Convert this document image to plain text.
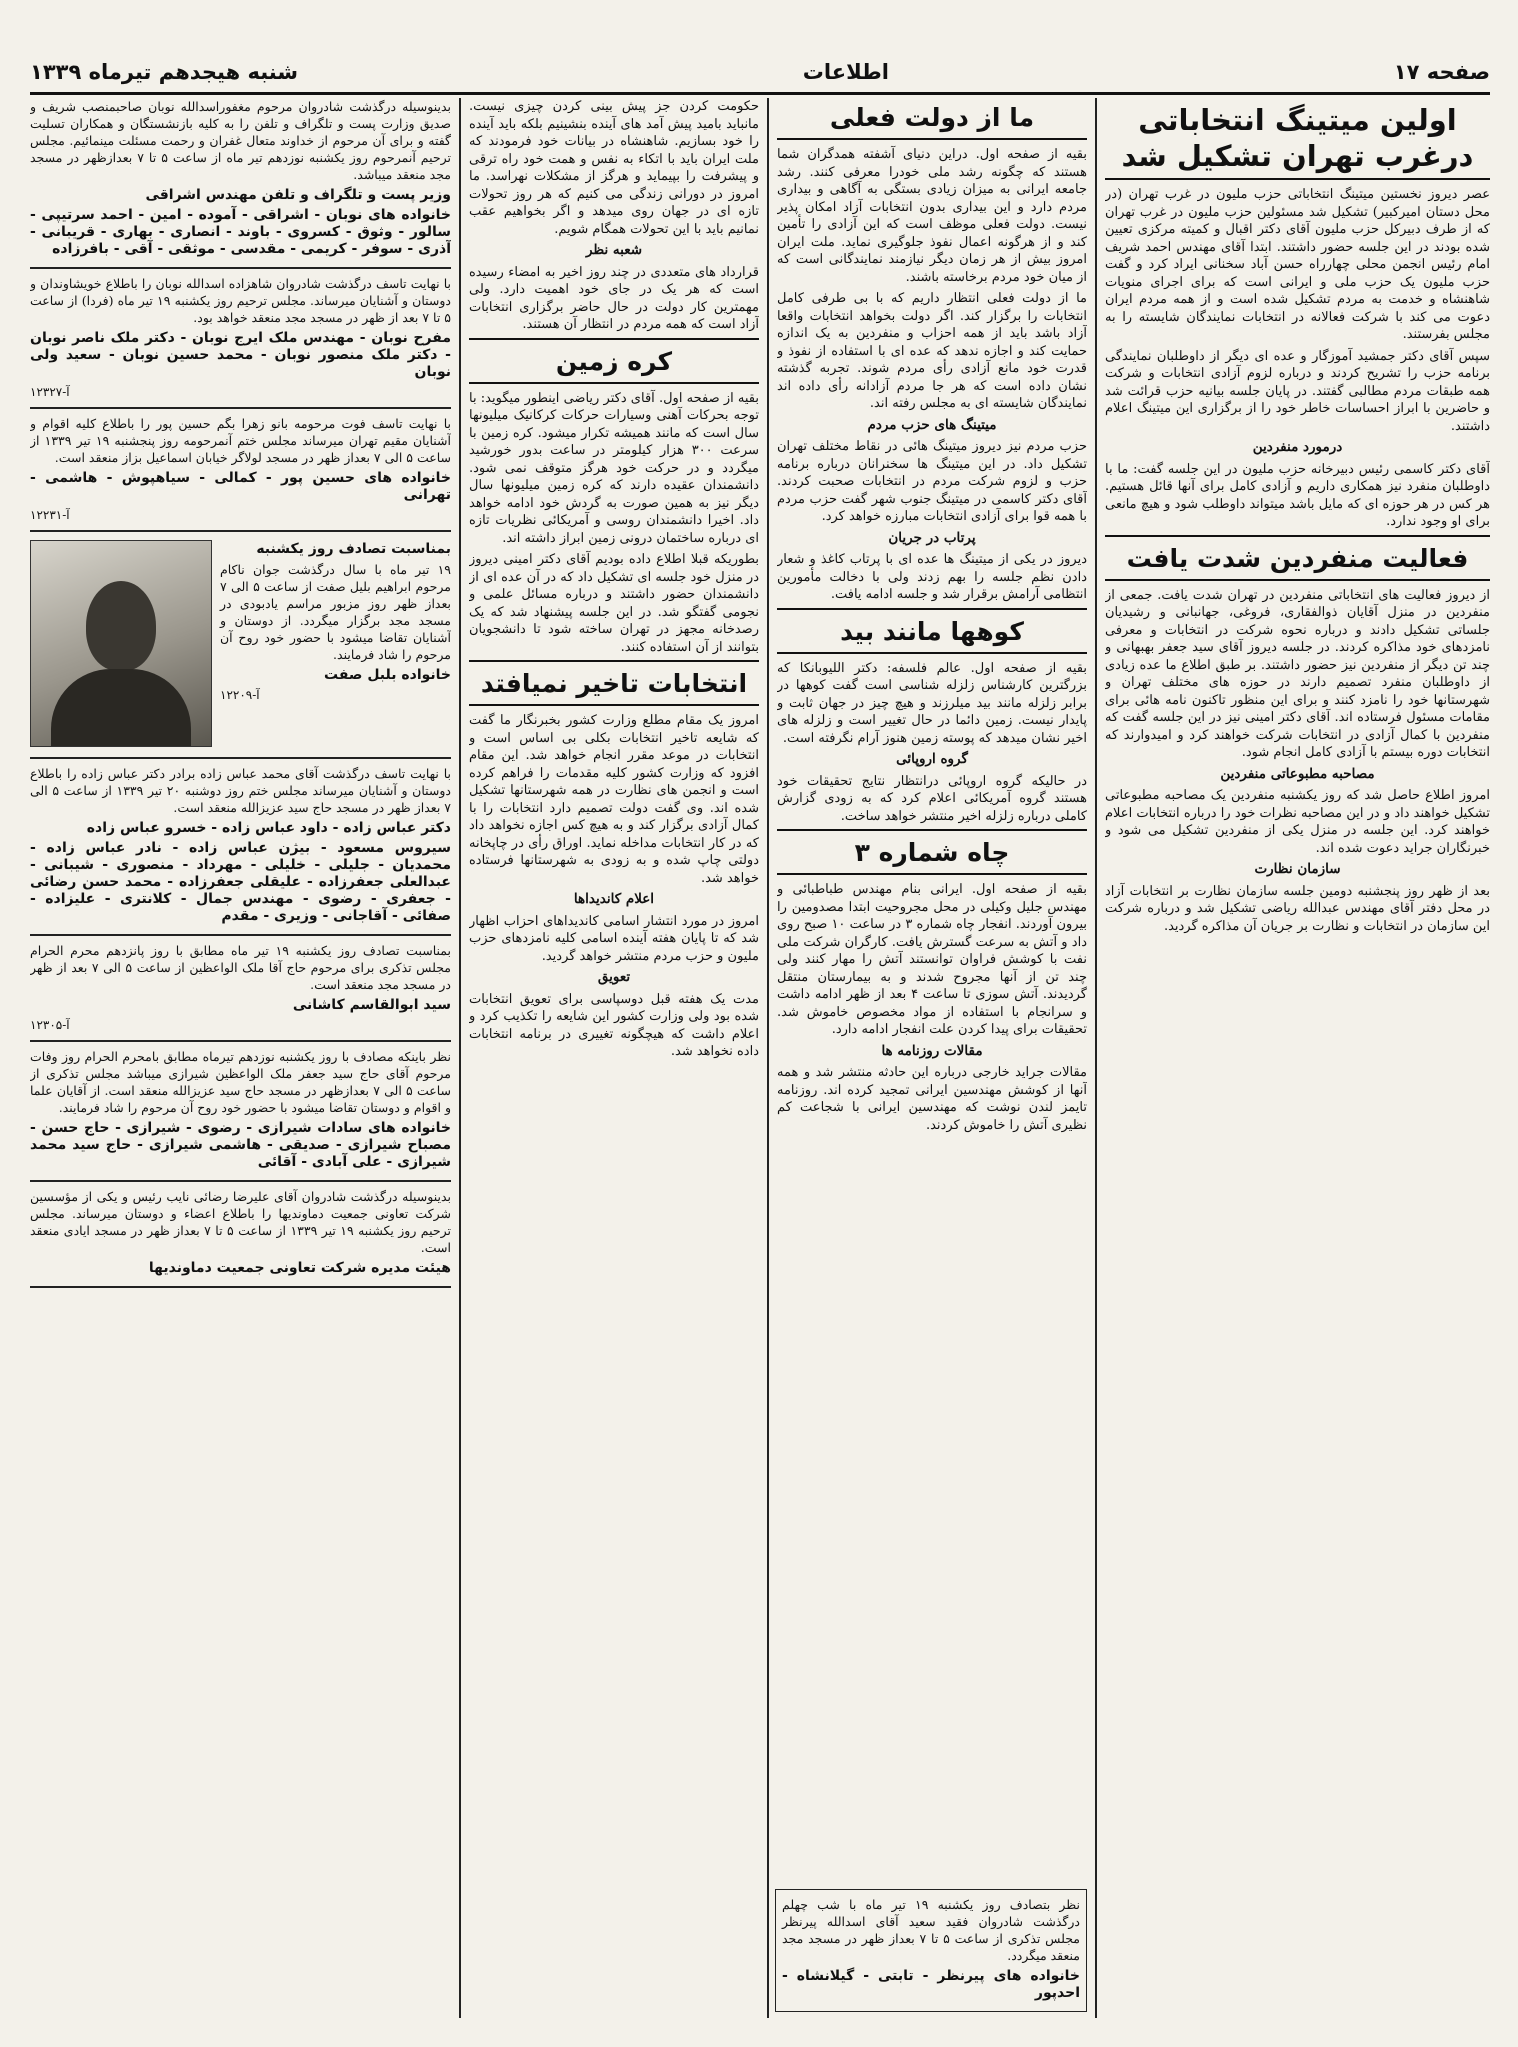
صفحه ۱۷
اطلاعات
شنبه هیجدهم تیرماه ۱۳۳۹
اولین میتینگ انتخاباتی درغرب تهران تشکیل شد

عصر دیروز نخستین میتینگ انتخاباتی حزب ملیون در غرب تهران (در محل دستان امیرکبیر) تشکیل شد مسئولین حزب ملیون در غرب تهران که از طرف دبیرکل حزب ملیون آقای دکتر اقبال و کمیته مرکزی تعیین شده بودند در این جلسه حضور داشتند. ابتدا آقای مهندس احمد شریف امام رئیس انجمن محلی چهارراه حسن آباد سخنانی ایراد کرد و گفت حزب ملیون یک حزب ملی و ایرانی است که برای اجرای منویات شاهنشاه و خدمت به مردم تشکیل شده است و از همه مردم ایران دعوت می کند با شرکت فعالانه در انتخابات نمایندگان شایسته را به مجلس بفرستند.

سپس آقای دکتر جمشید آموزگار و عده ای دیگر از داوطلبان نمایندگی برنامه حزب را تشریح کردند و درباره لزوم آزادی انتخابات و شرکت همه طبقات مردم مطالبی گفتند. در پایان جلسه بیانیه حزب قرائت شد و حاضرین با ابراز احساسات خاطر خود را از برگزاری این میتینگ اعلام داشتند.

درمورد منفردین

آقای دکتر کاسمی رئیس دبیرخانه حزب ملیون در این جلسه گفت: ما با داوطلبان منفرد نیز همکاری داریم و آزادی کامل برای آنها قائل هستیم. هر کس در هر حوزه ای که مایل باشد میتواند داوطلب شود و هیچ مانعی برای او وجود ندارد.

فعالیت منفردین شدت یافت

از دیروز فعالیت های انتخاباتی منفردین در تهران شدت یافت. جمعی از منفردین در منزل آقایان ذوالفقاری، فروغی، جهانبانی و رشیدیان جلساتی تشکیل دادند و درباره نحوه شرکت در انتخابات و معرفی نامزدهای خود مذاکره کردند. در جلسه دیروز آقای سید جعفر بهبهانی و چند تن دیگر از منفردین نیز حضور داشتند. بر طبق اطلاع ما عده زیادی از داوطلبان منفرد تصمیم دارند در حوزه های مختلف تهران و شهرستانها خود را نامزد کنند و برای این منظور تاکنون نامه هائی برای مقامات مسئول فرستاده اند. آقای دکتر امینی نیز در این جلسه گفت که منفردین با کمال آزادی در انتخابات شرکت خواهند کرد و امیدوارند که انتخابات دوره بیستم با آزادی کامل انجام شود.

مصاحبه مطبوعاتی منفردین

امروز اطلاع حاصل شد که روز یکشنبه منفردین یک مصاحبه مطبوعاتی تشکیل خواهند داد و در این مصاحبه نظرات خود را درباره انتخابات اعلام خواهند کرد. این جلسه در منزل یکی از منفردین تشکیل می شود و خبرنگاران جراید دعوت شده اند.

سازمان نظارت

بعد از ظهر روز پنجشنبه دومین جلسه سازمان نظارت بر انتخابات آزاد در محل دفتر آقای مهندس عبدالله ریاضی تشکیل شد و درباره شرکت این سازمان در انتخابات و نظارت بر جریان آن مذاکره گردید.

ما از دولت فعلی

بقیه از صفحه اول. دراین دنیای آشفته همدگران شما هستند که چگونه رشد ملی خودرا معرفی کنند. رشد جامعه ایرانی به میزان زیادی بستگی به آگاهی و بیداری مردم دارد و این بیداری بدون انتخابات آزاد امکان پذیر نیست. دولت فعلی موظف است که این آزادی را تأمین کند و از هرگونه اعمال نفوذ جلوگیری نماید. ملت ایران امروز بیش از هر زمان دیگر نیازمند نمایندگانی است که از میان خود مردم برخاسته باشند.

ما از دولت فعلی انتظار داریم که با بی طرفی کامل انتخابات را برگزار کند. اگر دولت بخواهد انتخابات واقعا آزاد باشد باید از همه احزاب و منفردین به یک اندازه حمایت کند و اجازه ندهد که عده ای با استفاده از نفوذ و قدرت خود مانع آزادی رأی مردم شوند. تجربه گذشته نشان داده است که هر جا مردم آزادانه رأی داده اند نمایندگان شایسته ای به مجلس رفته اند.

میتینگ های حزب مردم

حزب مردم نیز دیروز میتینگ هائی در نقاط مختلف تهران تشکیل داد. در این میتینگ ها سخنرانان درباره برنامه حزب و لزوم شرکت مردم در انتخابات صحبت کردند. آقای دکتر کاسمی در میتینگ جنوب شهر گفت حزب مردم با همه قوا برای آزادی انتخابات مبارزه خواهد کرد.

پرتاب در جریان

دیروز در یکی از میتینگ ها عده ای با پرتاب کاغذ و شعار دادن نظم جلسه را بهم زدند ولی با دخالت مأمورین انتظامی آرامش برقرار شد و جلسه ادامه یافت.

کوهها مانند بید

بقیه از صفحه اول. عالم فلسفه: دکتر اللیوبانکا که بزرگترین کارشناس زلزله شناسی است گفت کوهها در برابر زلزله مانند بید میلرزند و هیچ چیز در جهان ثابت و پایدار نیست. زمین دائما در حال تغییر است و زلزله های اخیر نشان میدهد که پوسته زمین هنوز آرام نگرفته است.

گروه اروپائی

در حالیکه گروه اروپائی درانتظار نتایج تحقیقات خود هستند گروه آمریکائی اعلام کرد که به زودی گزارش کاملی درباره زلزله اخیر منتشر خواهد ساخت.

چاه شماره ۳

بقیه از صفحه اول. ایرانی بنام مهندس طباطبائی و مهندس جلیل وکیلی در محل مجروحیت ابتدا مصدومین را بیرون آوردند. انفجار چاه شماره ۳ در ساعت ۱۰ صبح روی داد و آتش به سرعت گسترش یافت. کارگران شرکت ملی نفت با کوشش فراوان توانستند آتش را مهار کنند ولی چند تن از آنها مجروح شدند و به بیمارستان منتقل گردیدند. آتش سوزی تا ساعت ۴ بعد از ظهر ادامه داشت و سرانجام با استفاده از مواد مخصوص خاموش شد. تحقیقات برای پیدا کردن علت انفجار ادامه دارد.

مقالات روزنامه ها

مقالات جراید خارجی درباره این حادثه منتشر شد و همه آنها از کوشش مهندسین ایرانی تمجید کرده اند. روزنامه تایمز لندن نوشت که مهندسین ایرانی با شجاعت کم نظیری آتش را خاموش کردند.

حکومت کردن جز پیش بینی کردن چیزی نیست. مانباید بامید پیش آمد های آینده بنشینیم بلکه باید آینده را خود بسازیم. شاهنشاه در بیانات خود فرمودند که ملت ایران باید با اتکاء به نفس و همت خود راه ترقی و پیشرفت را بپیماید و هرگز از مشکلات نهراسد. ما امروز در دورانی زندگی می کنیم که هر روز تحولات تازه ای در جهان روی میدهد و اگر بخواهیم عقب نمانیم باید با این تحولات همگام شویم.

شعبه نظر

قرارداد های متعددی در چند روز اخیر به امضاء رسیده است که هر یک در جای خود اهمیت دارد. ولی مهمترین کار دولت در حال حاضر برگزاری انتخابات آزاد است که همه مردم در انتظار آن هستند.

کره زمین

بقیه از صفحه اول. آقای دکتر ریاضی اینطور میگوید: با توجه بحرکات آهنی وسیارات حرکات کرکانیک میلیونها سال است که مانند همیشه تکرار میشود. کره زمین با سرعت ۳۰۰ هزار کیلومتر در ساعت بدور خورشید میگردد و در حرکت خود هرگز متوقف نمی شود. دانشمندان عقیده دارند که کره زمین میلیونها سال دیگر نیز به همین صورت به گردش خود ادامه خواهد داد. اخیرا دانشمندان روسی و آمریکائی نظریات تازه ای درباره ساختمان درونی زمین ابراز داشته اند.

بطوریکه قبلا اطلاع داده بودیم آقای دکتر امینی دیروز در منزل خود جلسه ای تشکیل داد که در آن عده ای از دانشمندان حضور داشتند و درباره مسائل علمی و نجومی گفتگو شد. در این جلسه پیشنهاد شد که یک رصدخانه مجهز در تهران ساخته شود تا دانشجویان بتوانند از آن استفاده کنند.

انتخابات تاخیر نمیافتد

امروز یک مقام مطلع وزارت کشور بخبرنگار ما گفت که شایعه تاخیر انتخابات بکلی بی اساس است و انتخابات در موعد مقرر انجام خواهد شد. این مقام افزود که وزارت کشور کلیه مقدمات را فراهم کرده است و انجمن های نظارت در همه شهرستانها تشکیل شده اند. وی گفت دولت تصمیم دارد انتخابات را با کمال آزادی برگزار کند و به هیچ کس اجازه نخواهد داد که در کار انتخابات مداخله نماید. اوراق رأی در چاپخانه دولتی چاپ شده و به زودی به شهرستانها فرستاده خواهد شد.

اعلام کاندیداها

امروز در مورد انتشار اسامی کاندیداهای احزاب اظهار شد که تا پایان هفته آینده اسامی کلیه نامزدهای حزب ملیون و حزب مردم منتشر خواهد گردید.

تعویق

مدت یک هفته قبل دوسپاسی برای تعویق انتخابات شده بود ولی وزارت کشور این شایعه را تکذیب کرد و اعلام داشت که هیچگونه تغییری در برنامه انتخابات داده نخواهد شد.

بدینوسیله درگذشت شادروان مرحوم مغفوراسدالله نوبان صاحبمنصب شریف و صدیق وزارت پست و تلگراف و تلفن را به کلیه بازنشستگان و همکاران تسلیت گفته و برای آن مرحوم از خداوند متعال غفران و رحمت مسئلت مینمائیم. مجلس ترحیم آنمرحوم روز یکشنبه نوزدهم تیر ماه از ساعت ۵ تا ۷ بعدازظهر در مسجد مجد منعقد میباشد.

وزیر پست و تلگراف و تلفن مهندس اشراقی
خانواده های نوبان - اشراقی - آموده - امین - احمد سرتیپی - سالور - وثوق - کسروی - باوند - انصاری - بهاری - قریبانی - آذری - سوفر - کریمی - مقدسی - موثقی - آقی - بافرزاده

با نهایت تاسف درگذشت شادروان شاهزاده اسدالله نوبان را باطلاع خویشاوندان و دوستان و آشنایان میرساند. مجلس ترحیم روز یکشنبه ۱۹ تیر ماه (فردا) از ساعت ۵ تا ۷ بعد از ظهر در مسجد مجد منعقد خواهد بود.

مفرح نوبان - مهندس ملک ایرج نوبان - دکتر ملک ناصر نوبان - دکتر ملک منصور نوبان - محمد حسین نوبان - سعید ولی نوبان
آ-۱۲۳۲۷

با نهایت تاسف فوت مرحومه بانو زهرا بگم حسین پور را باطلاع کلیه اقوام و آشنایان مقیم تهران میرساند مجلس ختم آنمرحومه روز پنجشنبه ۱۹ تیر ۱۳۳۹ از ساعت ۵ الی ۷ بعداز ظهر در مسجد لولاگر خیابان اسماعیل بزاز منعقد است.

خانواده های حسین پور - کمالی - سیاهپوش - هاشمی - تهرانی
آ-۱۲۲۳۱
بمناسبت تصادف روز یکشنبه

۱۹ تیر ماه با سال درگذشت جوان ناکام مرحوم ابراهیم بلیل صفت از ساعت ۵ الی ۷ بعداز ظهر روز مزبور مراسم یادبودی در مسجد مجد برگزار میگردد. از دوستان و آشنایان تقاضا میشود با حضور خود روح آن مرحوم را شاد فرمایند.

خانواده بلبل صفت
آ-۱۲۲۰۹

با نهایت تاسف درگذشت آقای محمد عباس زاده برادر دکتر عباس زاده را باطلاع دوستان و آشنایان میرساند مجلس ختم روز دوشنبه ۲۰ تیر ۱۳۳۹ از ساعت ۵ الی ۷ بعداز ظهر در مسجد حاج سید عزیزالله منعقد است.

دکتر عباس زاده - داود عباس زاده - خسرو عباس زاده
سیروس مسعود - بیژن عباس زاده - نادر عباس زاده - محمدیان - جلیلی - خلیلی - مهرداد - منصوری - شیبانی - عبدالعلی جعفرزاده - علیقلی جعفرزاده - محمد حسن رضائی - جعفری - رضوی - مهندس جمال - کلانتری - علیزاده - صفائی - آقاجانی - وزیری - مقدم

بمناسبت تصادف روز یکشنبه ۱۹ تیر ماه مطابق با روز پانزدهم محرم الحرام مجلس تذکری برای مرحوم حاج آقا ملک الواعظین از ساعت ۵ الی ۷ بعد از ظهر در مسجد مجد منعقد است.

سید ابوالقاسم کاشانی
آ-۱۲۳۰۵

نظر باینکه مصادف با روز یکشنبه نوزدهم تیرماه مطابق بامحرم الحرام روز وفات مرحوم آقای حاج سید جعفر ملک الواعظین شیرازی میباشد مجلس تذکری از ساعت ۵ الی ۷ بعدازظهر در مسجد حاج سید عزیزالله منعقد است. از آقایان علما و اقوام و دوستان تقاضا میشود با حضور خود روح آن مرحوم را شاد فرمایند.

خانواده های سادات شیرازی - رضوی - شیرازی - حاج حسن - مصباح شیرازی - صدیقی - هاشمی شیرازی - حاج سید محمد شیرازی - علی آبادی - آقائی

بدینوسیله درگذشت شادروان آقای علیرضا رضائی نایب رئیس و یکی از مؤسسین شرکت تعاونی جمعیت دماوندیها را باطلاع اعضاء و دوستان میرساند. مجلس ترحیم روز یکشنبه ۱۹ تیر ۱۳۳۹ از ساعت ۵ تا ۷ بعداز ظهر در مسجد ایادی منعقد است.

هیئت مدیره شرکت تعاونی جمعیت دماوندیها

نظر بتصادف روز یکشنبه ۱۹ تیر ماه با شب چهلم درگذشت شادروان فقید سعید آقای اسدالله پیرنظر مجلس تذکری از ساعت ۵ تا ۷ بعداز ظهر در مسجد مجد منعقد میگردد.

خانواده های پیرنظر - تابتی - گیلانشاه - احدپور
